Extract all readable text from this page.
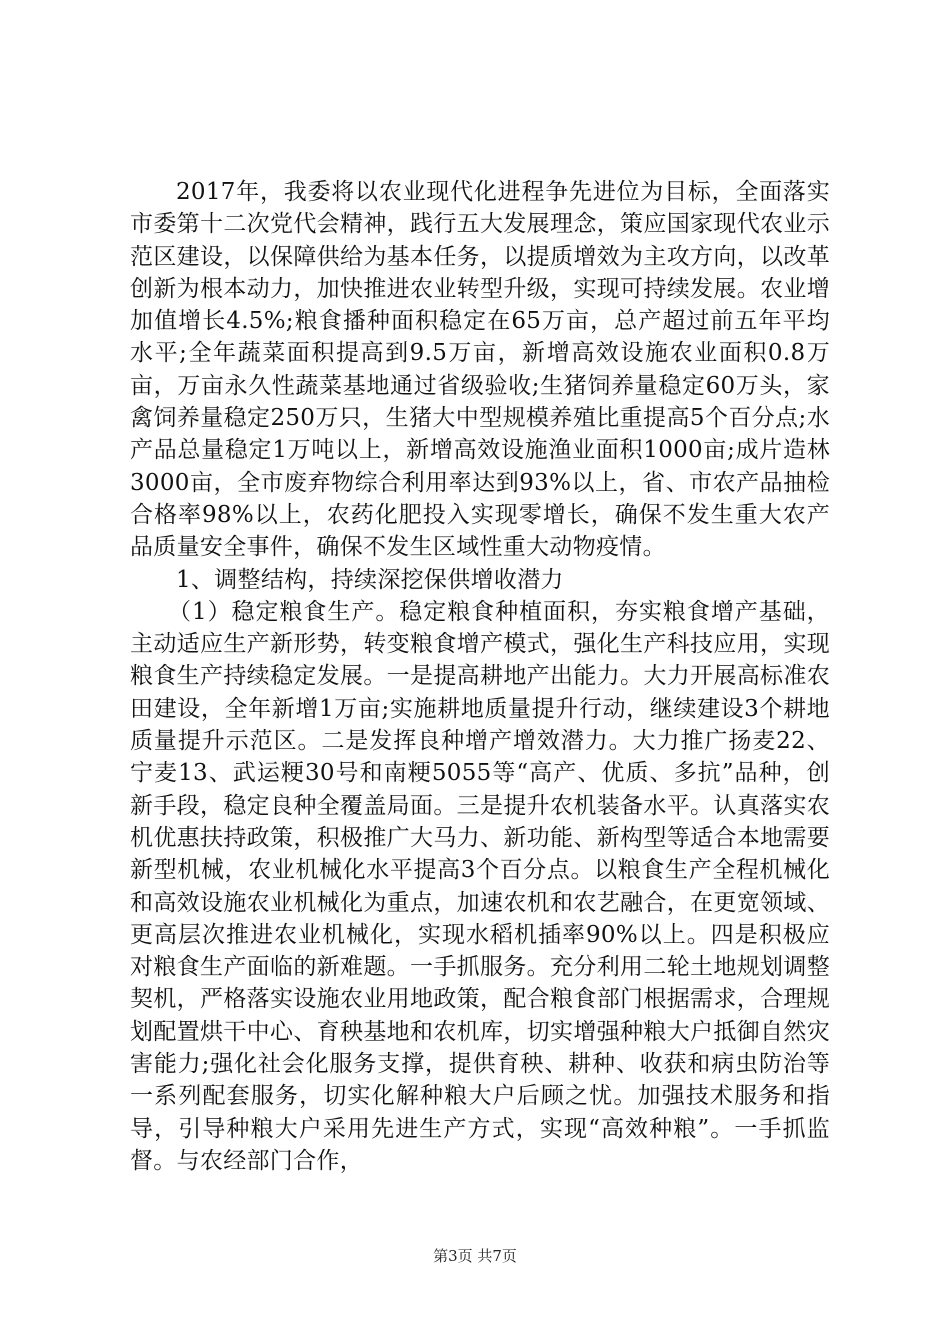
2017年，我委将以农业现代化进程争先进位为目标，全面落实市委第十二次党代会精神，践行五大发展理念，策应国家现代农业示范区建设，以保障供给为基本任务，以提质增效为主攻方向，以改革创新为根本动力，加快推进农业转型升级，实现可持续发展。农业增加值增长4.5%;粮食播种面积稳定在65万亩，总产超过前五年平均水平;全年蔬菜面积提高到9.5万亩，新增高效设施农业面积0.8万亩，万亩永久性蔬菜基地通过省级验收;生猪饲养量稳定60万头，家禽饲养量稳定250万只，生猪大中型规模养殖比重提高5个百分点;水产品总量稳定1万吨以上，新增高效设施渔业面积1000亩;成片造林3000亩，全市废弃物综合利用率达到93%以上，省、市农产品抽检合格率98%以上，农药化肥投入实现零增长，确保不发生重大农产品质量安全事件，确保不发生区域性重大动物疫情。

1、调整结构，持续深挖保供增收潜力

（1）稳定粮食生产。稳定粮食种植面积，夯实粮食增产基础，主动适应生产新形势，转变粮食增产模式，强化生产科技应用，实现粮食生产持续稳定发展。一是提高耕地产出能力。大力开展高标准农田建设，全年新增1万亩;实施耕地质量提升行动，继续建设3个耕地质量提升示范区。二是发挥良种增产增效潜力。大力推广扬麦22、宁麦13、武运粳30号和南粳5055等“高产、优质、多抗”品种，创新手段，稳定良种全覆盖局面。三是提升农机装备水平。认真落实农机优惠扶持政策，积极推广大马力、新功能、新构型等适合本地需要新型机械，农业机械化水平提高3个百分点。以粮食生产全程机械化和高效设施农业机械化为重点，加速农机和农艺融合，在更宽领域、更高层次推进农业机械化，实现水稻机插率90%以上。四是积极应对粮食生产面临的新难题。一手抓服务。充分利用二轮土地规划调整契机，严格落实设施农业用地政策，配合粮食部门根据需求，合理规划配置烘干中心、育秧基地和农机库，切实增强种粮大户抵御自然灾害能力;强化社会化服务支撑，提供育秧、耕种、收获和病虫防治等一系列配套服务，切实化解种粮大户后顾之忧。加强技术服务和指导，引导种粮大户采用先进生产方式，实现“高效种粮”。一手抓监督。与农经部门合作，

第3页 共7页
